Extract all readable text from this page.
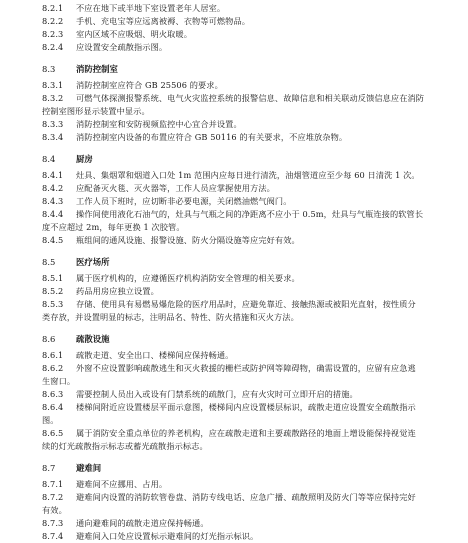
8.2.1	不应在地下或半地下室设置老年人居室。
8.2.2	手机、充电宝等应远离被褥、衣物等可燃物品。
8.2.3	室内区域不应吸烟、明火取暖。
8.2.4	应设置安全疏散指示图。
8.3	消防控制室
8.3.1	消防控制室应符合 GB 25506 的要求。
8.3.2	可燃气体探测报警系统、电气火灾监控系统的报警信息、故障信息和相关联动反馈信息应在消防
控制室图形显示装置中显示。
8.3.3	消防控制室和安防视频监控中心宜合并设置。
8.3.4	消防控制室内设备的布置应符合 GB 50116 的有关要求，不应堆放杂物。
8.4	厨房
8.4.1	灶具、集烟罩和烟道入口处 1m 范围内应每日进行清洗，油烟管道应至少每 60 日清洗 1 次。
8.4.2	应配备灭火毯、灭火器等，工作人员应掌握使用方法。
8.4.3	工作人员下班时，应切断非必要电源，关闭燃油燃气阀门。
8.4.4	操作间使用液化石油气的，灶具与气瓶之间的净距离不应小于 0.5m，灶具与气瓶连接的软管长
度不应超过 2m，每年更换 1 次胶管。
8.4.5	瓶组间的通风设施、报警设施、防火分隔设施等应完好有效。
8.5	医疗场所
8.5.1	属于医疗机构的，应遵循医疗机构消防安全管理的相关要求。
8.5.2	药品用房应独立设置。
8.5.3	存储、使用具有易燃易爆危险的医疗用品时，应避免靠近、接触热源或被阳光直射，按性质分
类存放，并设置明显的标志，注明品名、特性、防火措施和灭火方法。
8.6	疏散设施
8.6.1	疏散走道、安全出口、楼梯间应保持畅通。
8.6.2	外窗不应设置影响疏散逃生和灭火救援的栅栏或防护网等障碍物，确需设置的，应留有应急逃
生窗口。
8.6.3	需要控制人员出入或设有门禁系统的疏散门，应有火灾时可立即开启的措施。
8.6.4	楼梯间附近应设置楼层平面示意图，楼梯间内应设置楼层标识，疏散走道应设置安全疏散指示
图。
8.6.5	属于消防安全重点单位的养老机构，应在疏散走道和主要疏散路径的地面上增设能保持视觉连
续的灯光疏散指示标志或蓄光疏散指示标志。
8.7	避难间
8.7.1	避难间不应挪用、占用。
8.7.2	避难间内设置的消防软管卷盘、消防专线电话、应急广播、疏散照明及防火门等等应保持完好
有效。
8.7.3	通向避难间的疏散走道应保持畅通。
8.7.4	避难间入口处应设置标示避难间的灯光指示标识。
